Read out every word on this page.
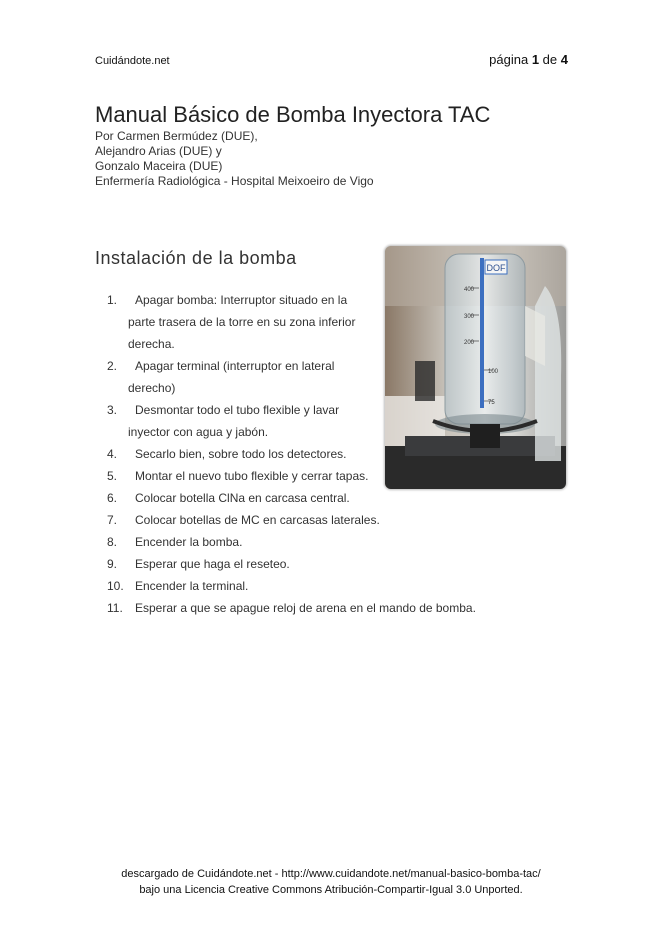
Cuidándote.net	página 1 de 4
Manual Básico de Bomba Inyectora TAC
Por Carmen Bermúdez (DUE),
Alejandro Arias (DUE) y
Gonzalo Maceira (DUE)
Enfermería Radiológica - Hospital Meixoeiro de Vigo
Instalación de la bomba	DOF
400
300
200
100
75
1.	Apagar bomba: Interruptor situado en la
parte trasera de la torre en su zona inferior
derecha.
2.	Apagar terminal (interruptor en lateral
derecho)
3.	Desmontar todo el tubo flexible y lavar
inyector con agua y jabón.
4.	Secarlo bien, sobre todo los detectores.
5.	Montar el nuevo tubo flexible y cerrar tapas.
6.	Colocar botella ClNa en carcasa central.
7.	Colocar botellas de MC en carcasas laterales.
8.	Encender la bomba.
9.	Esperar que haga el reseteo.
10. Encender la terminal.
11.	Esperar a que se apague reloj de arena en el mando de bomba.
descargado de Cuidándote.net - http://www.cuidandote.net/manual-basico-bomba-tac/
bajo una Licencia Creative Commons Atribución-Compartir-Igual 3.0 Unported.
